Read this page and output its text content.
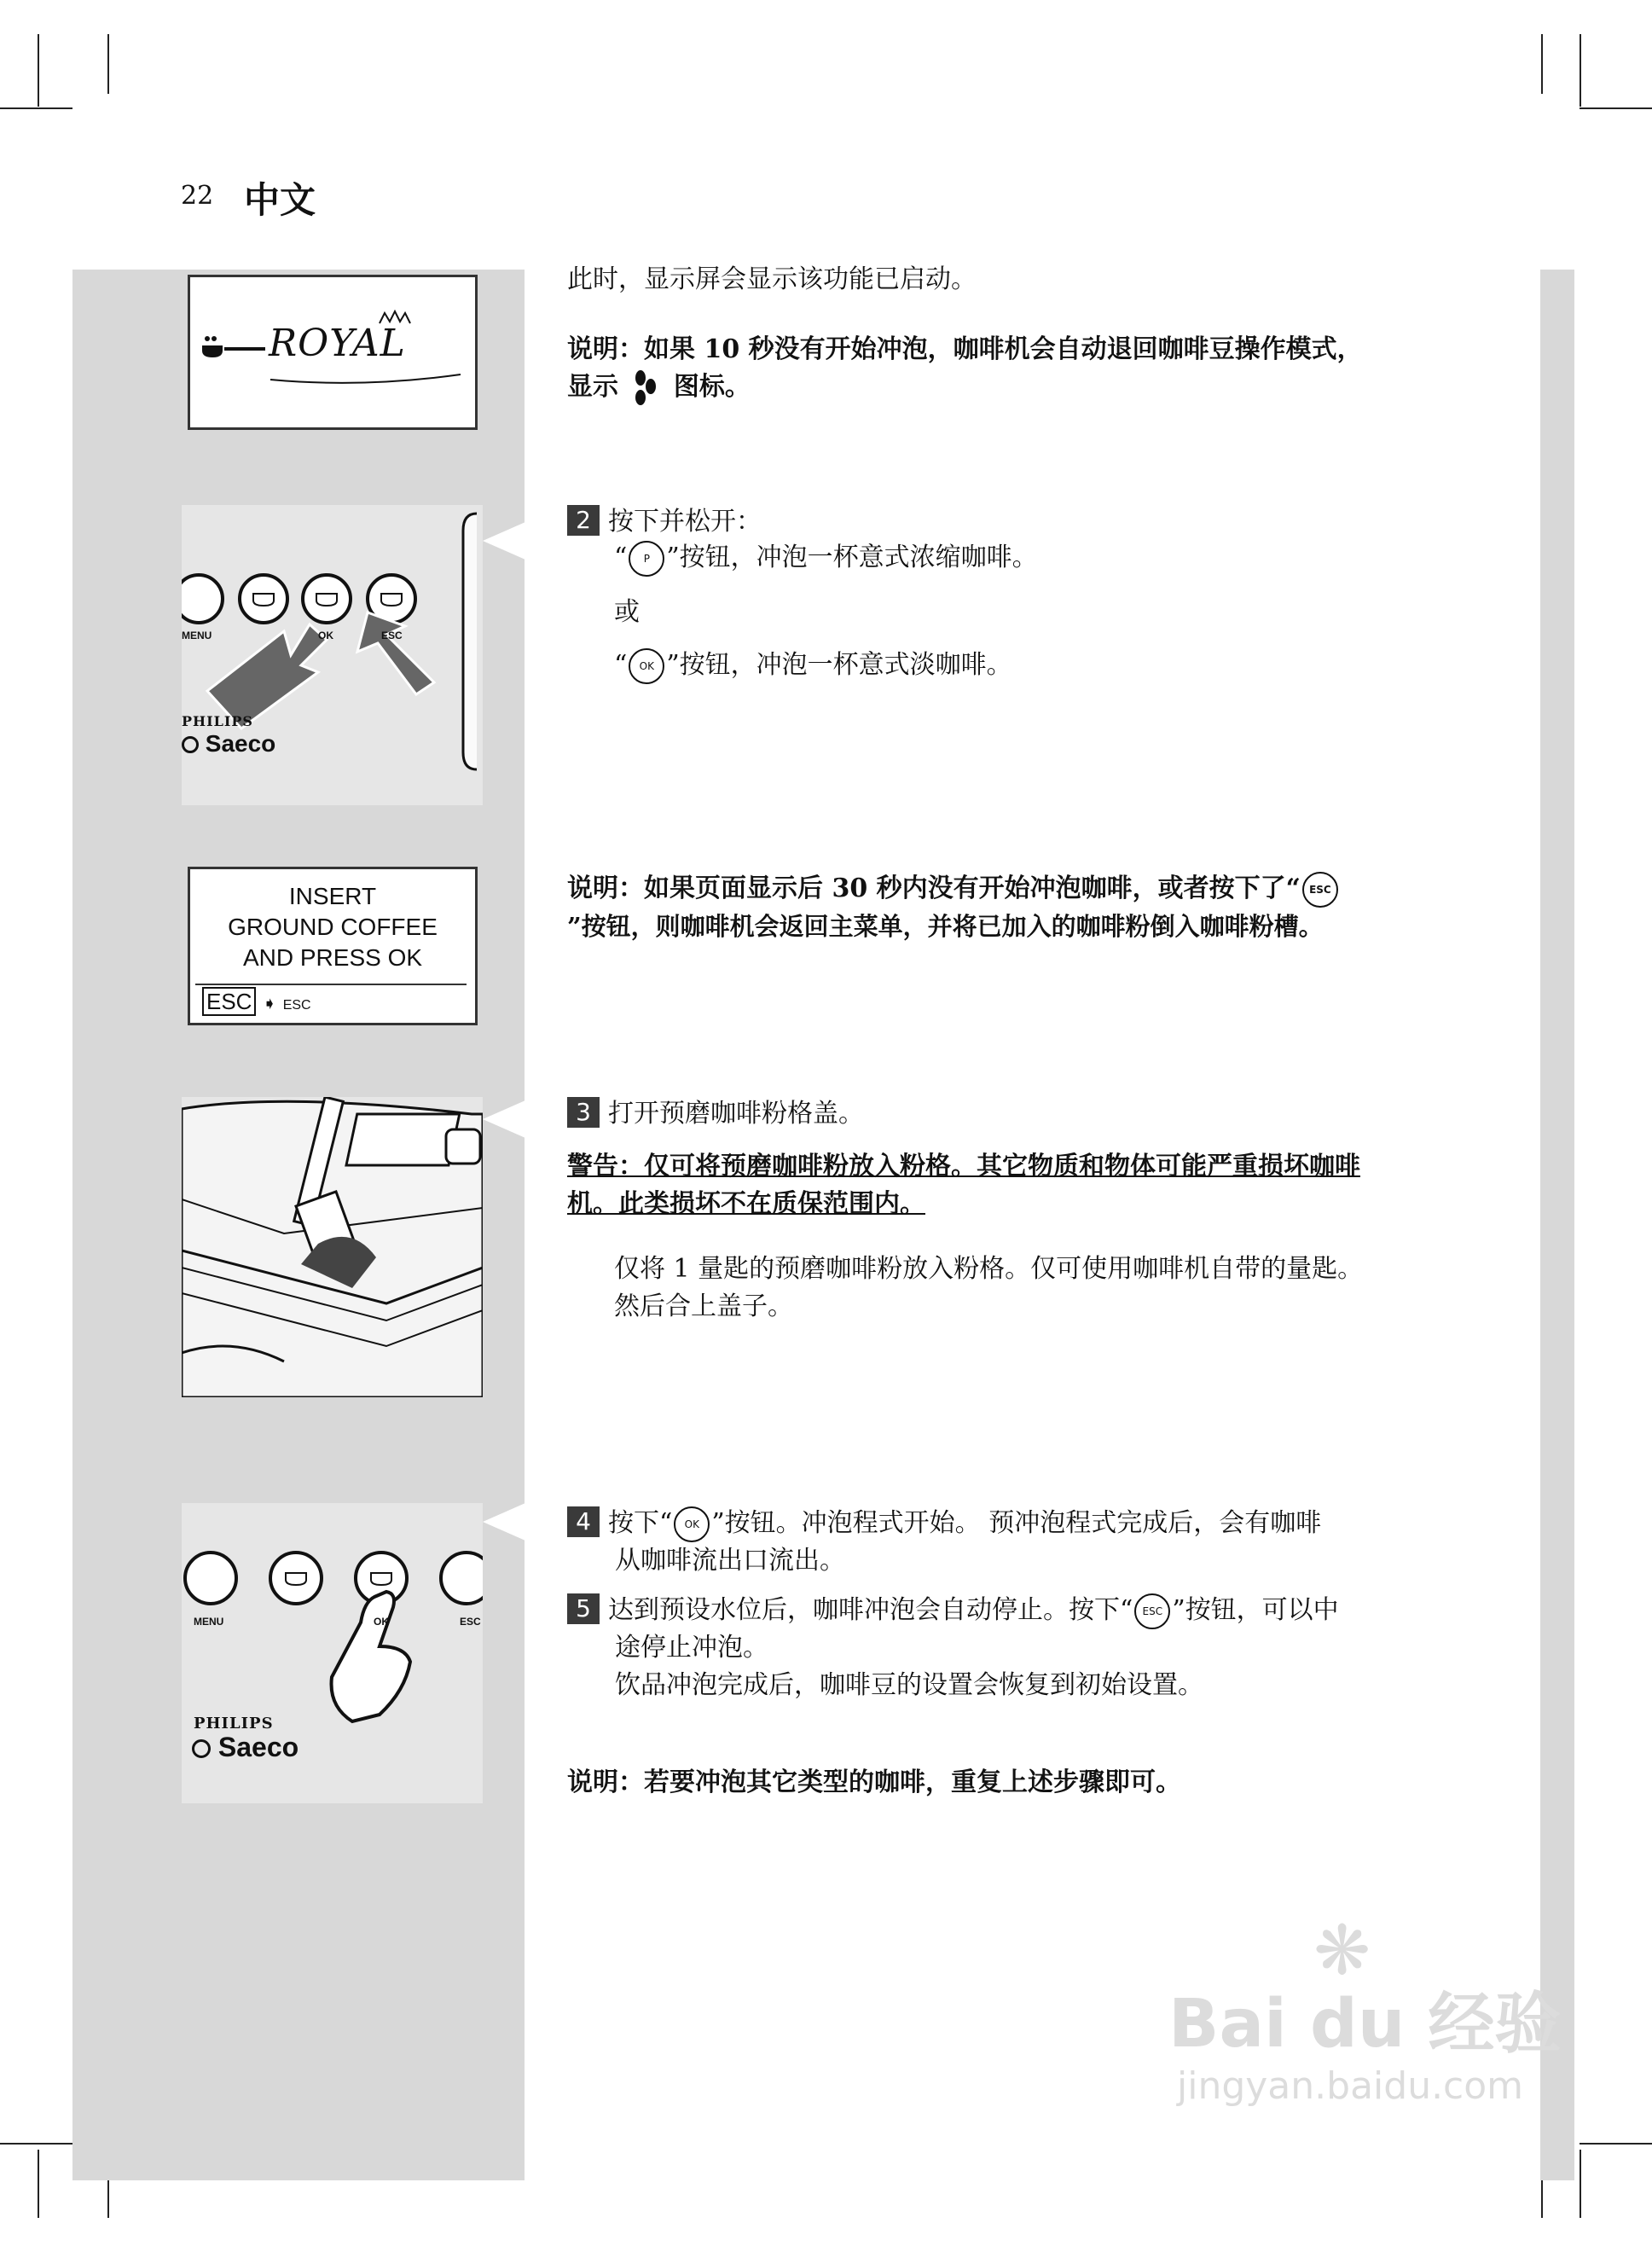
22 中文
ROYAL
MENU	OK	ESC
PHILIPS
Saeco
INSERT
GROUND COFFEE
AND PRESS OK
ESC ➧ ESC
MENU	OK	ESC
PHILIPS
Saeco
此时，显示屏会显示该功能已启动。
说明：如果 10 秒没有开始冲泡，咖啡机会自动退回咖啡豆操作模式，
显示 图标。
2 按下并松开：
“ P ”按钮，冲泡一杯意式浓缩咖啡。
或
“ OK ”按钮，冲泡一杯意式淡咖啡。
说明：如果页面显示后 30 秒内没有开始冲泡咖啡，或者按下了“ ESC
”按钮，则咖啡机会返回主菜单，并将已加入的咖啡粉倒入咖啡粉槽。
3 打开预磨咖啡粉格盖。
警告：仅可将预磨咖啡粉放入粉格。其它物质和物体可能严重损坏咖啡
机。此类损坏不在质保范围内。
仅将 1 量匙的预磨咖啡粉放入粉格。仅可使用咖啡机自带的量匙。
然后合上盖子。
4 按下“ OK ”按钮。冲泡程式开始。 预冲泡程式完成后，会有咖啡
从咖啡流出口流出。
5 达到预设水位后，咖啡冲泡会自动停止。按下“ ESC ”按钮，可以中
途停止冲泡。
饮品冲泡完成后，咖啡豆的设置会恢复到初始设置。
说明：若要冲泡其它类型的咖啡，重复上述步骤即可。
❋
Bai du 经验
jingyan.baidu.com
